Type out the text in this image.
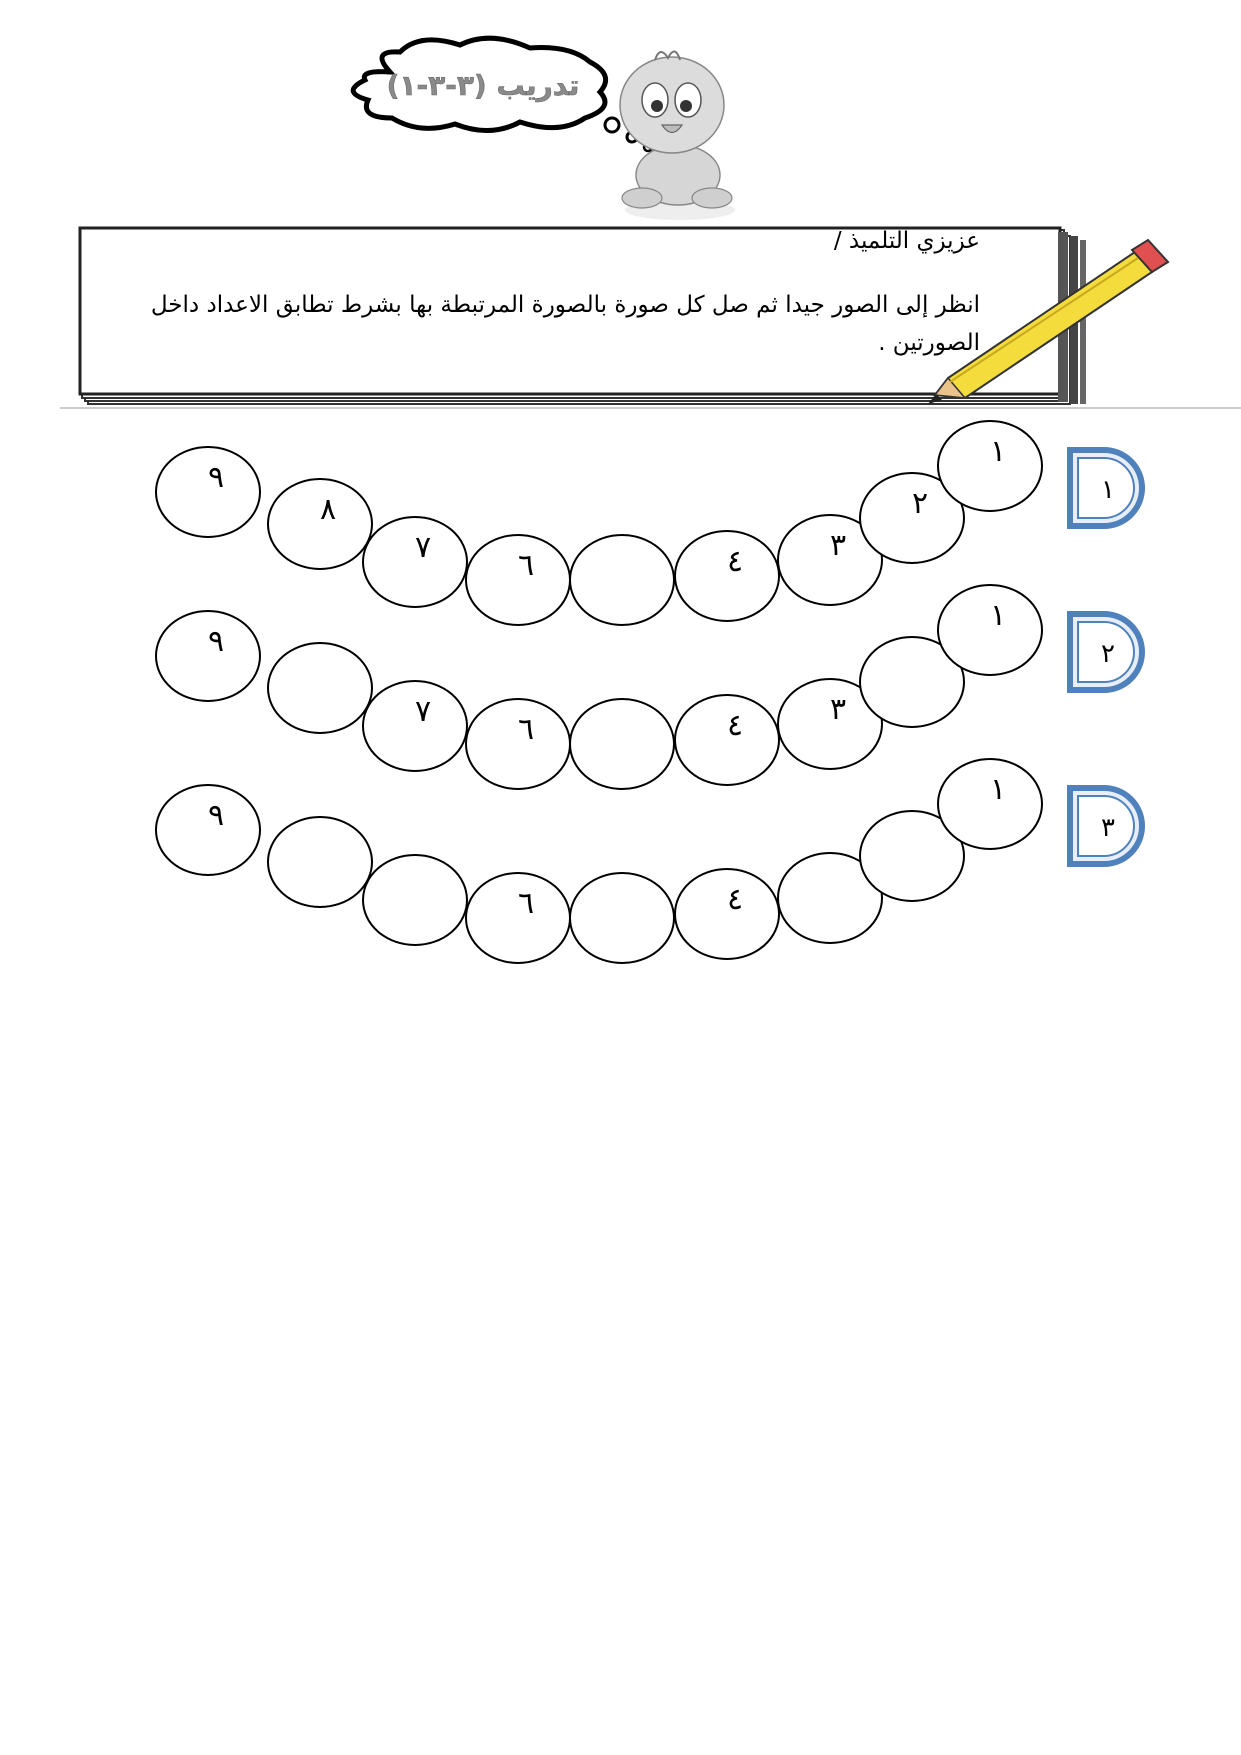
تدريب (٣-٣-١)
١
٢
٣
٤
٦
٧
٨
٩	١
١
٣
٤
٦
٧
٩	٢
١
٤
٦
٩	٣
عزيزي التلميذ /
انظر إلى الصور جيدا ثم صل كل صورة بالصورة المرتبطة بها بشرط تطابق الاعداد داخل الصورتين .
